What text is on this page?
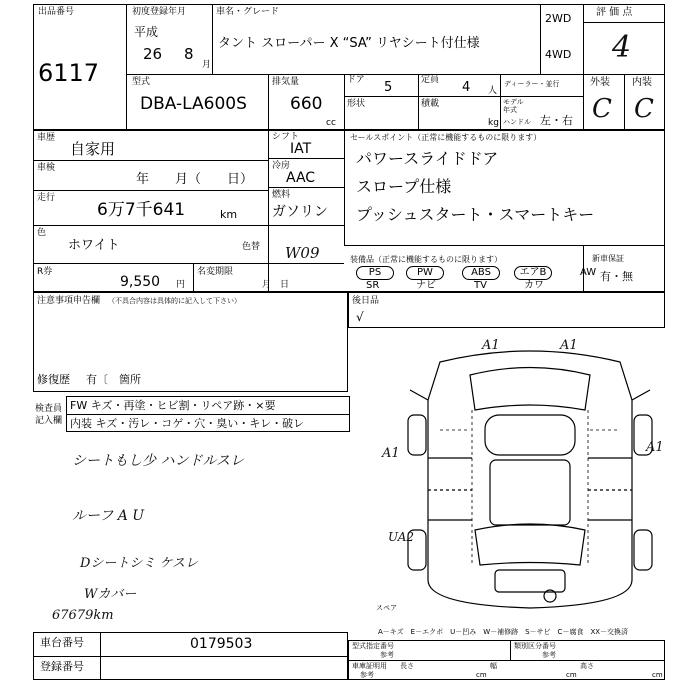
出品番号
6117
初度登録年月
平成
26 8
月
車名・グレード
タント スローパー X “SA” リヤシート付仕様
2WD
4WD
評 価 点
4
外装 内装
C C
型式
DBA-LA600S
排気量
660
cc
ドア 5	定員 4 人
ディーラー・並行
形状	積載
kg
モデル 年式
ハンドル 左・右
車歴
自家用
車検
年　　月（　　日）
走行
6万7千641	km
色
ホワイト	色替 W09
R券
9,550 円
名変期限
月　日
シフト
IAT
冷房
AAC
燃料
ガソリン
セールスポイント（正常に機能するものに限ります）
パワースライドドア
スロープ仕様
プッシュスタート・スマートキー
装備品（正常に機能するものに限ります）
PS	PW	ABS	エアB	AW
SR	ナビ	TV	カワ
新車保証
有・無
注意事項申告欄 （不具合内容は具体的に記入して下さい）
修復歴 有〔　箇所
後日品
√
検査員記入欄
FW キズ・再塗・ヒビ割・リペア跡・×要
内装 キズ・汚レ・コゲ・穴・臭い・キレ・破レ
シートもし少 ハンドルスレ
ルーフ A U
Dシートシミ ケスレ
Wカバー
67679km
A1	A1
A1	A1
UA2
スペア
A－キズ　E－エクボ　U－凹み　W－補修跡　S－サビ　C－腐食　XX－交換済
車台番号	0179503
登録番号
型式指定番号
参考
類別区分番号
参考
車庫証明用
参考
長さ
cm
幅
cm
高さ
cm
